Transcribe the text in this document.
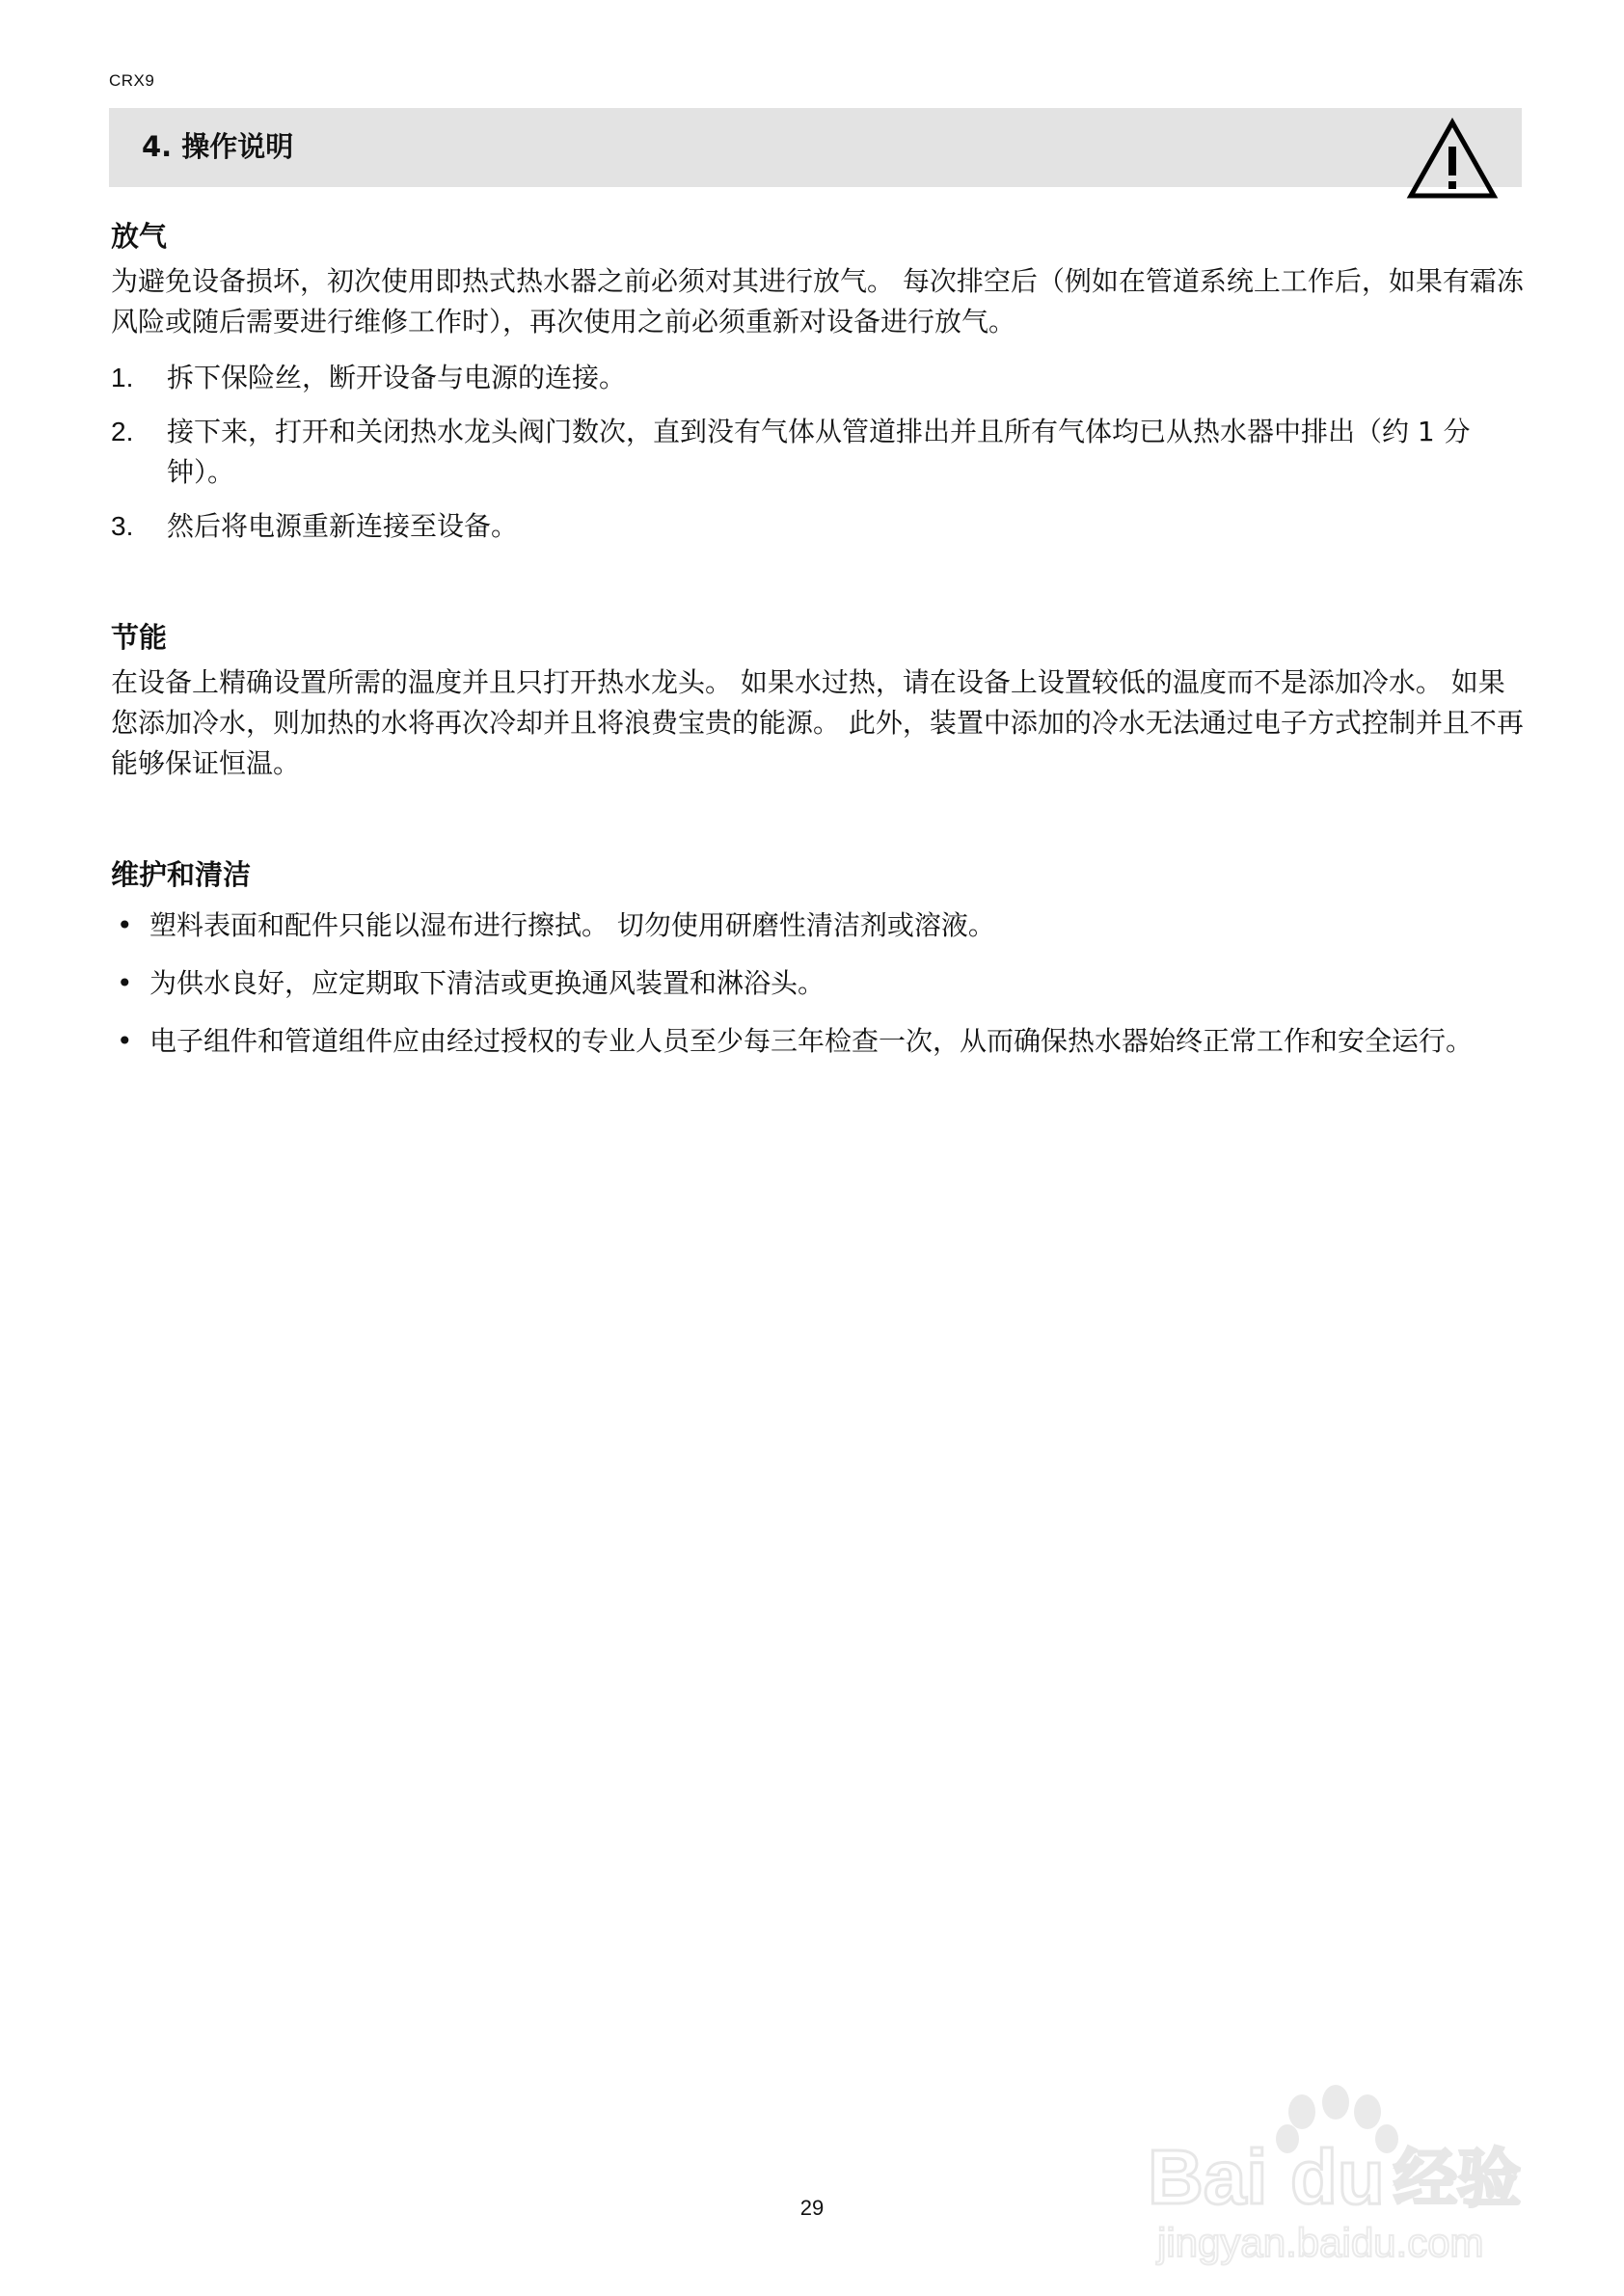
CRX9
4. 操作说明
放气

为避免设备损坏，初次使用即热式热水器之前必须对其进行放气。 每次排空后（例如在管道系统上工作后，如果有霜冻风险或随后需要进行维修工作时），再次使用之前必须重新对设备进行放气。

1. 拆下保险丝，断开设备与电源的连接。
2. 接下来，打开和关闭热水龙头阀门数次，直到没有气体从管道排出并且所有气体均已从热水器中排出（约 1 分钟）。
3. 然后将电源重新连接至设备。
节能

在设备上精确设置所需的温度并且只打开热水龙头。 如果水过热，请在设备上设置较低的温度而不是添加冷水。 如果您添加冷水，则加热的水将再次冷却并且将浪费宝贵的能源。 此外，装置中添加的冷水无法通过电子方式控制并且不再能够保证恒温。

维护和清洁
• 塑料表面和配件只能以湿布进行擦拭。 切勿使用研磨性清洁剂或溶液。
• 为供水良好，应定期取下清洁或更换通风装置和淋浴头。
• 电子组件和管道组件应由经过授权的专业人员至少每三年检查一次，从而确保热水器始终正常工作和安全运行。
29	Bai du 经验
jingyan.baidu.com
